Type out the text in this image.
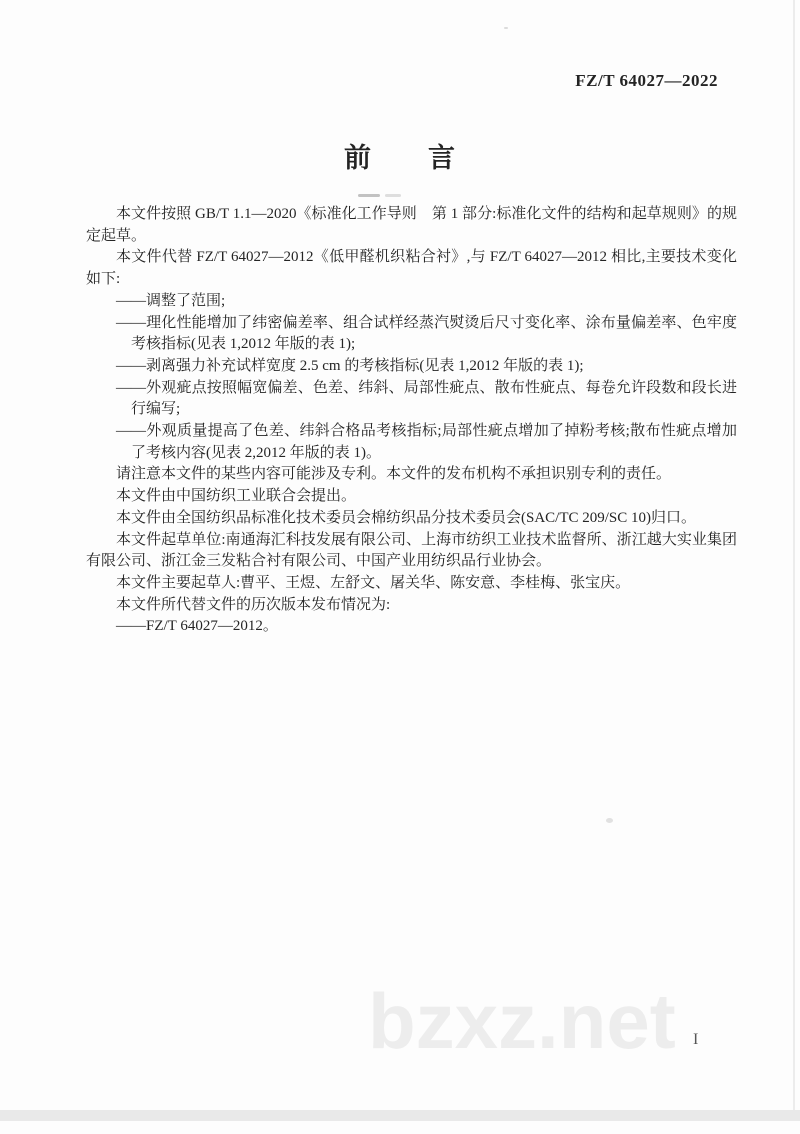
FZ/T 64027—2022
前　　言

本文件按照 GB/T 1.1—2020《标准化工作导则　第 1 部分:标准化文件的结构和起草规则》的规定起草。

本文件代替 FZ/T 64027—2012《低甲醛机织粘合衬》,与 FZ/T 64027—2012 相比,主要技术变化如下:

——调整了范围;

——理化性能增加了纬密偏差率、组合试样经蒸汽熨烫后尺寸变化率、涂布量偏差率、色牢度考核指标(见表 1,2012 年版的表 1);

——剥离强力补充试样宽度 2.5 cm 的考核指标(见表 1,2012 年版的表 1);

——外观疵点按照幅宽偏差、色差、纬斜、局部性疵点、散布性疵点、每卷允许段数和段长进行编写;

——外观质量提高了色差、纬斜合格品考核指标;局部性疵点增加了掉粉考核;散布性疵点增加了考核内容(见表 2,2012 年版的表 1)。

请注意本文件的某些内容可能涉及专利。本文件的发布机构不承担识别专利的责任。

本文件由中国纺织工业联合会提出。

本文件由全国纺织品标准化技术委员会棉纺织品分技术委员会(SAC/TC 209/SC 10)归口。

本文件起草单位:南通海汇科技发展有限公司、上海市纺织工业技术监督所、浙江越大实业集团有限公司、浙江金三发粘合衬有限公司、中国产业用纺织品行业协会。

本文件主要起草人:曹平、王煜、左舒文、屠关华、陈安意、李桂梅、张宝庆。

本文件所代替文件的历次版本发布情况为:

——FZ/T 64027—2012。

bzxz.net I
